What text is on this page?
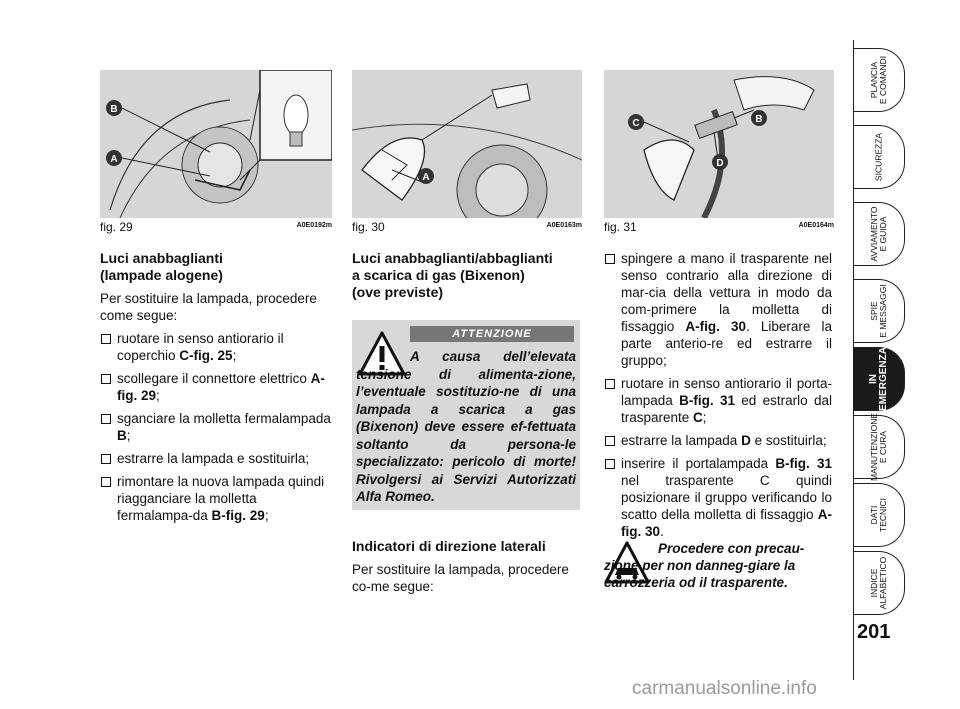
B
A
fig. 29	A0E0192m
A
fig. 30	A0E0163m
B
C
D
fig. 31	A0E0164m
Luci anabbaglianti
(lampade alogene)

Per sostituire la lampada, procedere come segue:

ruotare in senso antiorario il coperchio C-fig. 25;
scollegare il connettore elettrico A-fig. 29;
sganciare la molletta fermalampada B;
estrarre la lampada e sostituirla;
rimontare la nuova lampada quindi riagganciare la molletta fermalampa-da B-fig. 29;
Luci anabbaglianti/abbaglianti
a scarica di gas (Bixenon)
(ove previste)
ATTENZIONE
A causa dell’elevata tensione di alimenta-zione, l’eventuale sostituzio-ne di una lampada a scarica a gas (Bixenon) deve essere ef-fettuata soltanto da persona-le specializzato: pericolo di morte! Rivolgersi ai Servizi Autorizzati Alfa Romeo.
Indicatori di direzione laterali

Per sostituire la lampada, procedere co-me segue:

spingere a mano il trasparente nel senso contrario alla direzione di mar-cia della vettura in modo da com-primere la molletta di fissaggio A-fig. 30. Liberare la parte anterio-re ed estrarre il gruppo;
ruotare in senso antiorario il porta-lampada B-fig. 31 ed estrarlo dal trasparente C;
estrarre la lampada D e sostituirla;
inserire il portalampada B-fig. 31 nel trasparente C quindi posizionare il gruppo verificando lo scatto della molletta di fissaggio A-fig. 30.
Procedere con precau-zione per non danneg-giare la carrozzeria od il trasparente.
PLANCIA
E COMANDI
SICUREZZA
AVVIAMENTO
E GUIDA
SPIE
E MESSAGGI
IN
EMERGENZA
MANUTENZIONE
E CURA
DATI
TECNICI
INDICE
ALFABETICO
201
carmanualsonline.info
